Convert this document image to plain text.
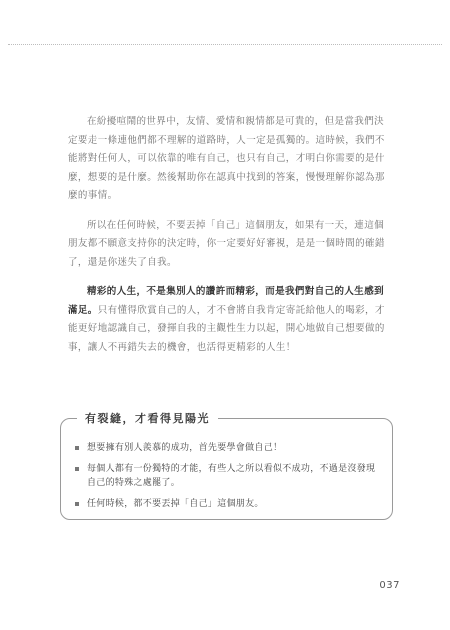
在紛擾喧鬧的世界中，友情、愛情和親情都是可貴的，但是當我們決定要走一條連他們都不理解的道路時，人一定是孤獨的。這時候，我們不能將對任何人，可以依靠的唯有自己，也只有自己，才明白你需要的是什麼，想要的是什麼。然後幫助你在認真中找到的答案，慢慢理解你認為那麼的事情。

所以在任何時候，不要丟掉「自己」這個朋友，如果有一天，連這個朋友都不願意支持你的決定時，你一定要好好審視，是是一個時間的確錯了，還是你迷失了自我。

精彩的人生，不是集別人的讚許而精彩，而是我們對自己的人生感到滿足。只有懂得欣賞自己的人，才不會將自我肯定寄託給他人的喝彩，才能更好地認識自己，發揮自我的主觀性生力以起，開心地做自己想要做的事，讓人不再錯失去的機會，也活得更精彩的人生！

有裂縫，才看得見陽光
想要擁有別人羨慕的成功，首先要學會做自己！
每個人都有一份獨特的才能，有些人之所以看似不成功，不過是沒發現自己的特殊之處罷了。
任何時候，都不要丟掉「自己」這個朋友。
037
